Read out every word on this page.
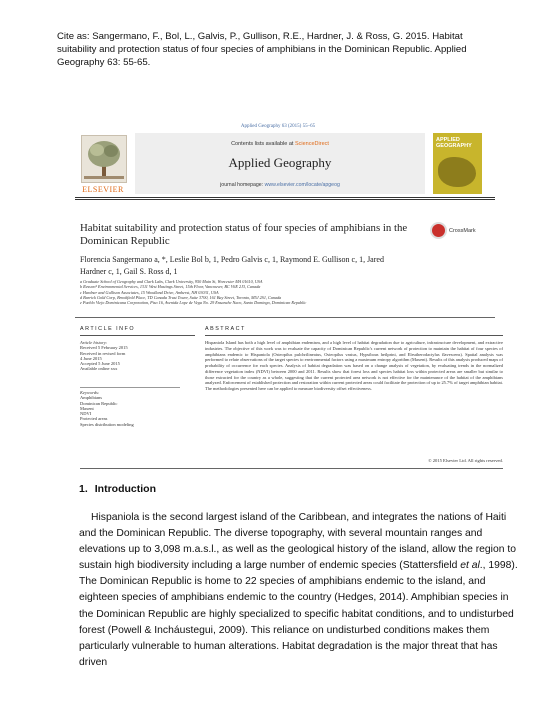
Cite as: Sangermano, F., Bol, L., Galvis, P., Gullison, R.E., Hardner, J. & Ross, G. 2015. Habitat suitability and protection status of four species of amphibians in the Dominican Republic. Applied Geography 63: 55-65.
Applied Geography 63 (2015) 55–65
ELSEVIER
Contents lists available at ScienceDirect
Applied Geography
journal homepage: www.elsevier.com/locate/apgeog
APPLIED
GEOGRAPHY
Habitat suitability and protection status of four species of amphibians in the Dominican Republic
CrossMark
Florencia Sangermano a, *, Leslie Bol b, 1, Pedro Galvis c, 1, Raymond E. Gullison c, 1, Jared Hardner c, 1, Gail S. Ross d, 1
a Graduate School of Geography and Clark Labs, Clark University, 950 Main St, Worcester MA 01610, USA
b Ressort¹ Environmental Services, 1311 West Hastings Street, 15th Floor, Vancouver, BC V6E 2J3, Canada
c Hardner and Gullison Associates, 15 Woodland Drive, Amherst, NH 03031, USA
d Barrick Gold Corp, Brookfield Place, TD Canada Trust Tower, Suite 3700, 161 Bay Street, Toronto, M5J 2S1, Canada
e Pueblo Viejo Dominicana Corporation, Piso 16, Avenida Lope de Vega No. 29 Ensanche Naco, Santo Domingo, Dominican Republic
ARTICLE INFO	ABSTRACT
Article history:
Received 5 February 2015
Received in revised form
4 June 2015
Accepted 5 June 2015
Available online xxx
Keywords:
Amphibians
Dominican Republic
Maxent
NDVI
Protected areas
Species distribution modeling
Hispaniola Island has both a high level of amphibian endemism, and a high level of habitat degradation due to agriculture, infrastructure development, and extractive industries. The objective of this work was to evaluate the capacity of Dominican Republic's current network of protection to maintain the habitat of four species of amphibians endemic to Hispaniola (Osteopilus pulchrilineatus, Osteopilus vastus, Hypsiboas heilprini, and Eleutherodactylus flavescens). Spatial analysis was performed to relate observations of the target species to environmental factors using a maximum entropy algorithm (Maxent). Results of this analysis produced maps of probability of occurrence for each species. Analysis of habitat degradation was based on a change analysis of vegetation, by evaluating trends in the normalized difference vegetation index (NDVI) between 2000 and 2011. Results show that forest loss and species habitat loss within protected areas are smaller but similar to those extracted for the country as a whole, suggesting that the current protected area network is not effective for the maintenance of the habitat of the amphibians analyzed. Enforcement of established protection and restoration within current protected areas could facilitate the protection of up to 25.7% of target amphibian habitat. The methodologies presented here can be applied to measure biodiversity offset effectiveness.
© 2015 Elsevier Ltd. All rights reserved.
1. Introduction

Hispaniola is the second largest island of the Caribbean, and integrates the nations of Haiti and the Dominican Republic. The diverse topography, with several mountain ranges and elevations up to 3,098 m.a.s.l., as well as the geological history of the island, allow the region to sustain high biodiversity including a large number of endemic species (Stattersfield et al., 1998). The Dominican Republic is home to 22 species of amphibians endemic to the island, and eighteen species of amphibians endemic to the country (Hedges, 2014). Amphibian species in the Dominican Republic are highly specialized to specific habitat conditions, and to undisturbed forest (Powell & Incháustegui, 2009). This reliance on undisturbed conditions makes them particularly vulnerable to human alterations. Habitat degradation is the major threat that has driven
